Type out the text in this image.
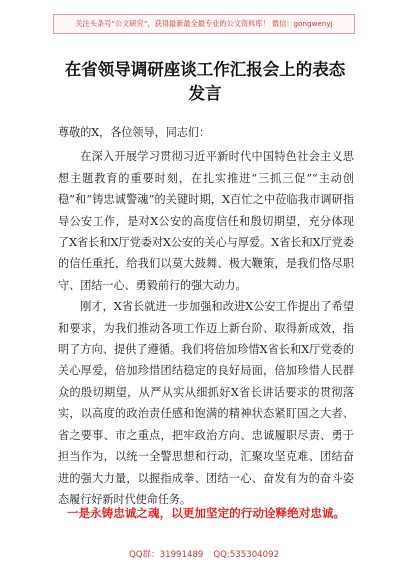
关注头条号“公文研究”，获得最新最全最专业的公文资料库！ 微信：gongwenyj
在省领导调研座谈工作汇报会上的表态发言

尊敬的X，各位领导，同志们：

在深入开展学习贯彻习近平新时代中国特色社会主义思想主题教育的重要时刻，在扎实推进“三抓三促”“主动创稳”和“铸忠诚警魂”的关键时期，X百忙之中莅临我市调研指导公安工作，是对X公安的高度信任和殷切期望，充分体现了X省长和X厅党委对X公安的关心与厚爱。X省长和X厅党委的信任重托，给我们以莫大鼓舞、极大鞭策，是我们恪尽职守、团结一心、勇毅前行的强大动力。

刚才，X省长就进一步加强和改进X公安工作提出了希望和要求，为我们推动各项工作迈上新台阶、取得新成效，指明了方向、提供了遵循。我们将倍加珍惜X省长和X厅党委的关心厚爱，倍加珍惜团结稳定的良好局面，倍加珍惜人民群众的殷切期望，从严从实从细抓好X省长讲话要求的贯彻落实，以高度的政治责任感和饱满的精神状态紧盯国之大者、省之要事、市之重点，把牢政治方向、忠诚履职尽责、勇于担当作为，以统一全警思想和行动，汇聚攻坚克难、团结奋进的强大力量，以握指成拳、团结一心、奋发有为的奋斗姿态履行好新时代使命任务。

一是永铸忠诚之魂，以更加坚定的行动诠释绝对忠诚。
QQ群：31991489 QQ:535304092
